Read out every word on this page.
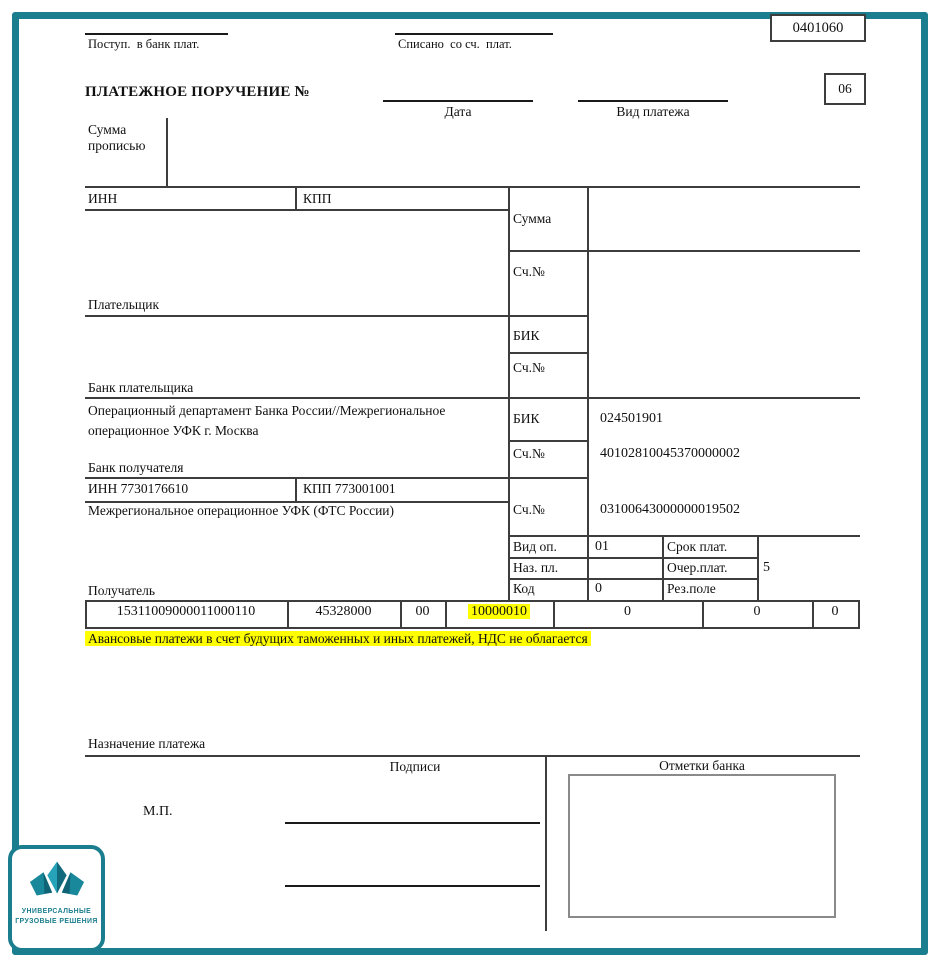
Поступ.  в банк плат.	Списано  со сч.  плат.
0401060
06
ПЛАТЕЖНОЕ ПОРУЧЕНИЕ №
Дата	Вид платежа
Сумма прописью
ИНН	КПП
Плательщик
Сумма
Сч.№
БИК
Сч.№
Банк плательщика
Операционный департамент Банка России//Межрегиональное операционное УФК г. Москва
БИК	024501901
Сч.№	40102810045370000002
Банк получателя
ИНН 7730176610	КПП 773001001
Межрегиональное операционное УФК (ФТС России)	Сч.№	03100643000000019502
Получатель
Вид оп.	01	Срок плат.
Наз. пл.	Очер.плат.	5
Код	0	Рез.поле
15311009000011000110	45328000	00	10000010	0	0	0
Авансовые платежи в счет будущих таможенных и иных платежей, НДС не облагается
Назначение платежа
Подписи	Отметки банка
М.П.
УНИВЕРСАЛЬНЫЕ
ГРУЗОВЫЕ РЕШЕНИЯ
